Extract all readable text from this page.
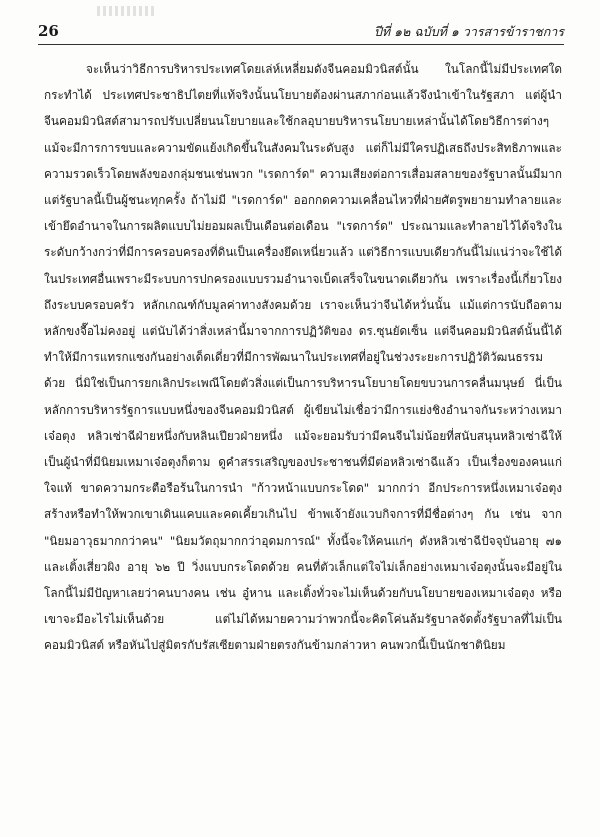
26	ปีที่ ๑๒ ฉบับที่ ๑ วารสารข้าราชการ

จะเห็นว่าวิธีการบริหารประเทศโดยเล่ห์เหลี่ยมดังจีนคอมมิวนิสต์นั้น ในโลกนี้ไม่มีประเทศใดกระทำได้ ประเทศประชาธิปไตยที่แท้จริงนั้นนโยบายต้องผ่านสภาก่อนแล้วจึงนำเข้าในรัฐสภา แต่ผู้นำจีนคอมมิวนิสต์สามารถปรับเปลี่ยนนโยบายและใช้กลอุบายบริหารนโยบายเหล่านั้นได้โดยวิธีการต่างๆ แม้จะมีการการขบและความขัดแย้งเกิดขึ้นในสังคมในระดับสูง แต่ก็ไม่มีใครปฏิเสธถึงประสิทธิภาพและความรวดเร็วโดยพลังของกลุ่มชนเช่นพวก "เรดการ์ด" ความเสียงต่อการเสื่อมสลายของรัฐบาลนั้นมีมาก แต่รัฐบาลนี้เป็นผู้ชนะทุกครั้ง ถ้าไม่มี "เรดการ์ด" ออกกดความเคลื่อนไหวที่ฝ่ายศัตรูพยายามทำลายและเข้ายึดอำนาจในการผลิตแบบไม่ยอมผลเป็นเดือนต่อเดือน "เรดการ์ด" ประณามและทำลายไว้ได้จริงในระดับกว้างกว่าที่มีการครอบครองที่ดินเป็นเครื่องยึดเหนี่ยวแล้ว แต่วิธีการแบบเดียวกันนี้ไม่แน่ว่าจะใช้ได้ในประเทศอื่นเพราะมีระบบการปกครองแบบรวมอำนาจเบ็ดเสร็จในขนาดเดียวกัน เพราะเรื่องนี้เกี่ยวโยงถึงระบบครอบครัว หลักเกณฑ์กับมูลค่าทางสังคมด้วย เราจะเห็นว่าจีนได้หวั่นนั้น แม้แต่การนับถือตามหลักขงจื๊อไม่คงอยู่ แต่นับได้ว่าสิ่งเหล่านี้มาจากการปฏิวัติของ ดร.ซุนยัดเซ็น แต่จีนคอมมิวนิสต์นั้นนี้ได้ทำให้มีการแทรกแซงกันอย่างเด็ดเดี่ยวที่มีการพัฒนาในประเทศที่อยู่ในช่วงระยะการปฏิวัติวัฒนธรรมด้วย นี่มิใช่เป็นการยกเลิกประเพณีโดยตัวสิ่งแต่เป็นการบริหารนโยบายโดยขบวนการคลื่นมนุษย์ นี่เป็นหลักการบริหารรัฐการแบบหนึ่งของจีนคอมมิวนิสต์ ผู้เขียนไม่เชื่อว่ามีการแย่งชิงอำนาจกันระหว่างเหมาเจ๋อตุง หลิวเซ่าฉีฝ่ายหนึ่งกับหลินเปียวฝ่ายหนึ่ง แม้จะยอมรับว่ามีคนจีนไม่น้อยที่สนับสนุนหลิวเซ่าฉีให้เป็นผู้นำที่มีนิยมเหมาเจ๋อตุงก็ตาม ดูคำสรรเสริญของประชาชนที่มีต่อหลิวเซ่าฉีแล้ว เป็นเรื่องของคนแก่ใจแท้ ขาดความกระตือรือร้นในการนำ "ก้าวหน้าแบบกระโดด" มากกว่า อีกประการหนึ่งเหมาเจ๋อตุงสร้างหรือทำให้พวกเขาเดินแคบและคดเคี้ยวเกินไป ข้าพเจ้ายังแวบกิจการที่มีชื่อต่างๆ กัน เช่น จาก "นิยมอาวุธมากกว่าคน" "นิยมวัตถุมากกว่าอุดมการณ์" ทั้งนี้จะให้คนแก่ๆ ดังหลิวเซ่าฉีปัจจุบันอายุ ๗๑ และเติ้งเสี่ยวผิง อายุ ๖๒ ปี วิ่งแบบกระโดดด้วย คนที่ตัวเล็กแต่ใจไม่เล็กอย่างเหมาเจ๋อตุงนั้นจะมีอยู่ในโลกนี้ไม่มีปัญหาเลยว่าคนบางคน เช่น อู๋หาน และเติ้งทั่วจะไม่เห็นด้วยกับนโยบายของเหมาเจ๋อตุง หรือเขาจะมีอะไรไม่เห็นด้วย แต่ไม่ได้หมายความว่าพวกนี้จะคิดโค่นล้มรัฐบาลจัดตั้งรัฐบาลที่ไม่เป็นคอมมิวนิสต์ หรือหันไปสู่มิตรกับรัสเซียตามฝ่ายตรงกันข้ามกล่าวหา คนพวกนี้เป็นนักชาตินิยม
